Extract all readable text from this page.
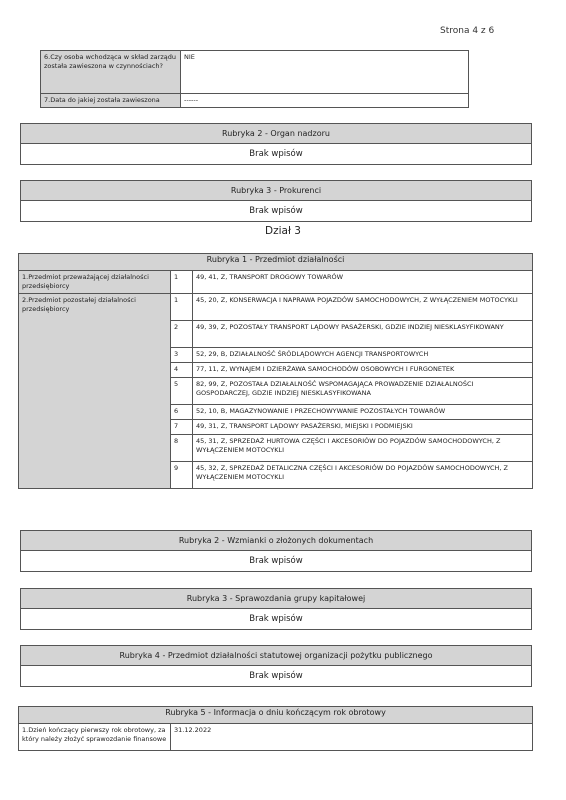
Strona 4 z 6
6.Czy osoba wchodząca w skład zarządu została zawieszona w czynnościach?	NIE
7.Data do jakiej została zawieszona	------
Rubryka 2 - Organ nadzoru
Brak wpisów
Rubryka 3 - Prokurenci
Brak wpisów
Dział 3
Rubryka 1 - Przedmiot działalności		
1.Przedmiot przeważającej działalności przedsiębiorcy	1	49, 41, Z, TRANSPORT DROGOWY TOWARÓW
2.Przedmiot pozostałej działalności przedsiębiorcy	1	45, 20, Z, KONSERWACJA I NAPRAWA POJAZDÓW SAMOCHODOWYCH, Z WYŁĄCZENIEM MOTOCYKLI
	2	49, 39, Z, POZOSTAŁY TRANSPORT LĄDOWY PASAŻERSKI, GDZIE INDZIEJ NIESKLASYFIKOWANY
	3	52, 29, B, DZIAŁALNOŚĆ ŚRÓDLĄDOWYCH AGENCJI TRANSPORTOWYCH
	4	77, 11, Z, WYNAJEM I DZIERŻAWA SAMOCHODÓW OSOBOWYCH I FURGONETEK
	5	82, 99, Z, POZOSTAŁA DZIAŁALNOŚĆ WSPOMAGAJĄCA PROWADZENIE DZIAŁALNOŚCI GOSPODARCZEJ, GDZIE INDZIEJ NIESKLASYFIKOWANA
	6	52, 10, B, MAGAZYNOWANIE I PRZECHOWYWANIE POZOSTAŁYCH TOWARÓW
	7	49, 31, Z, TRANSPORT LĄDOWY PASAŻERSKI, MIEJSKI I PODMIEJSKI
	8	45, 31, Z, SPRZEDAŻ HURTOWA CZĘŚCI I AKCESORIÓW DO POJAZDÓW SAMOCHODOWYCH, Z WYŁĄCZENIEM MOTOCYKLI
	9	45, 32, Z, SPRZEDAŻ DETALICZNA CZĘŚCI I AKCESORIÓW DO POJAZDÓW SAMOCHODOWYCH, Z WYŁĄCZENIEM MOTOCYKLI
Rubryka 2 - Wzmianki o złożonych dokumentach
Brak wpisów
Rubryka 3 - Sprawozdania grupy kapitałowej
Brak wpisów
Rubryka 4 - Przedmiot działalności statutowej organizacji pożytku publicznego
Brak wpisów
Rubryka 5 - Informacja o dniu kończącym rok obrotowy
1.Dzień kończący pierwszy rok obrotowy, za który należy złożyć sprawozdanie finansowe	31.12.2022
